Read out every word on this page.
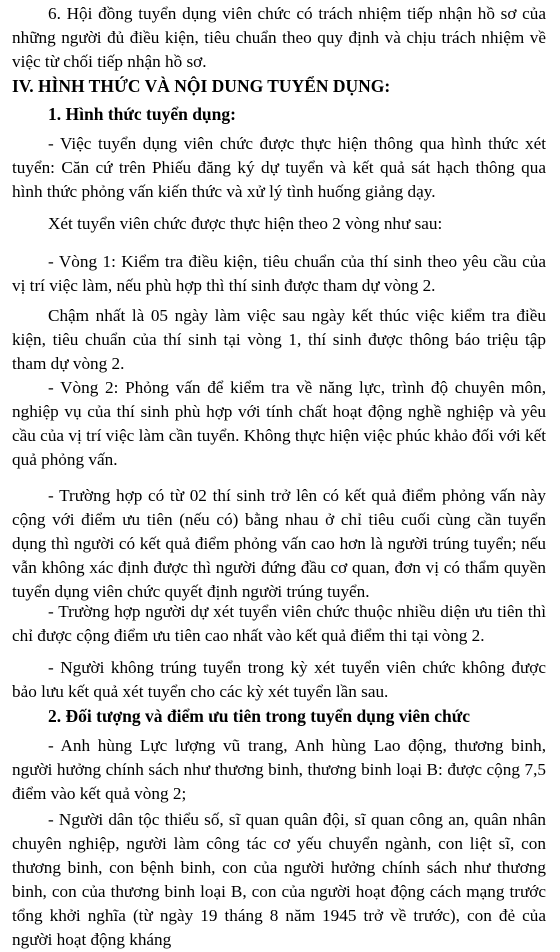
6. Hội đồng tuyển dụng viên chức có trách nhiệm tiếp nhận hồ sơ của những người đủ điều kiện, tiêu chuẩn theo quy định và chịu trách nhiệm về việc từ chối tiếp nhận hồ sơ.

IV. HÌNH THỨC VÀ NỘI DUNG TUYỂN DỤNG:

1. Hình thức tuyển dụng:

- Việc tuyển dụng viên chức được thực hiện thông qua hình thức xét tuyển: Căn cứ trên Phiếu đăng ký dự tuyển và kết quả sát hạch thông qua hình thức phỏng vấn kiến thức và xử lý tình huống giảng dạy.

Xét tuyển viên chức được thực hiện theo 2 vòng như sau:

- Vòng 1: Kiểm tra điều kiện, tiêu chuẩn của thí sinh theo yêu cầu của vị trí việc làm, nếu phù hợp thì thí sinh được tham dự vòng 2.

Chậm nhất là 05 ngày làm việc sau ngày kết thúc việc kiểm tra điều kiện, tiêu chuẩn của thí sinh tại vòng 1, thí sinh được thông báo triệu tập tham dự vòng 2.

- Vòng 2: Phỏng vấn để kiểm tra về năng lực, trình độ chuyên môn, nghiệp vụ của thí sinh phù hợp với tính chất hoạt động nghề nghiệp và yêu cầu của vị trí việc làm cần tuyển. Không thực hiện việc phúc khảo đối với kết quả phỏng vấn.

- Trường hợp có từ 02 thí sinh trở lên có kết quả điểm phỏng vấn này cộng với điểm ưu tiên (nếu có) bằng nhau ở chỉ tiêu cuối cùng cần tuyển dụng thì người có kết quả điểm phỏng vấn cao hơn là người trúng tuyển; nếu vẫn không xác định được thì người đứng đầu cơ quan, đơn vị có thẩm quyền tuyển dụng viên chức quyết định người trúng tuyển.

- Trường hợp người dự xét tuyển viên chức thuộc nhiều diện ưu tiên thì chỉ được cộng điểm ưu tiên cao nhất vào kết quả điểm thi tại vòng 2.

- Người không trúng tuyển trong kỳ xét tuyển viên chức không được bảo lưu kết quả xét tuyển cho các kỳ xét tuyển lần sau.

2. Đối tượng và điểm ưu tiên trong tuyển dụng viên chức

- Anh hùng Lực lượng vũ trang, Anh hùng Lao động, thương binh, người hưởng chính sách như thương binh, thương binh loại B: được cộng 7,5 điểm vào kết quả vòng 2;

- Người dân tộc thiểu số, sĩ quan quân đội, sĩ quan công an, quân nhân chuyên nghiệp, người làm công tác cơ yếu chuyển ngành, con liệt sĩ, con thương binh, con bệnh binh, con của người hưởng chính sách như thương binh, con của thương binh loại B, con của người hoạt động cách mạng trước tổng khởi nghĩa (từ ngày 19 tháng 8 năm 1945 trở về trước), con đẻ của người hoạt động kháng
